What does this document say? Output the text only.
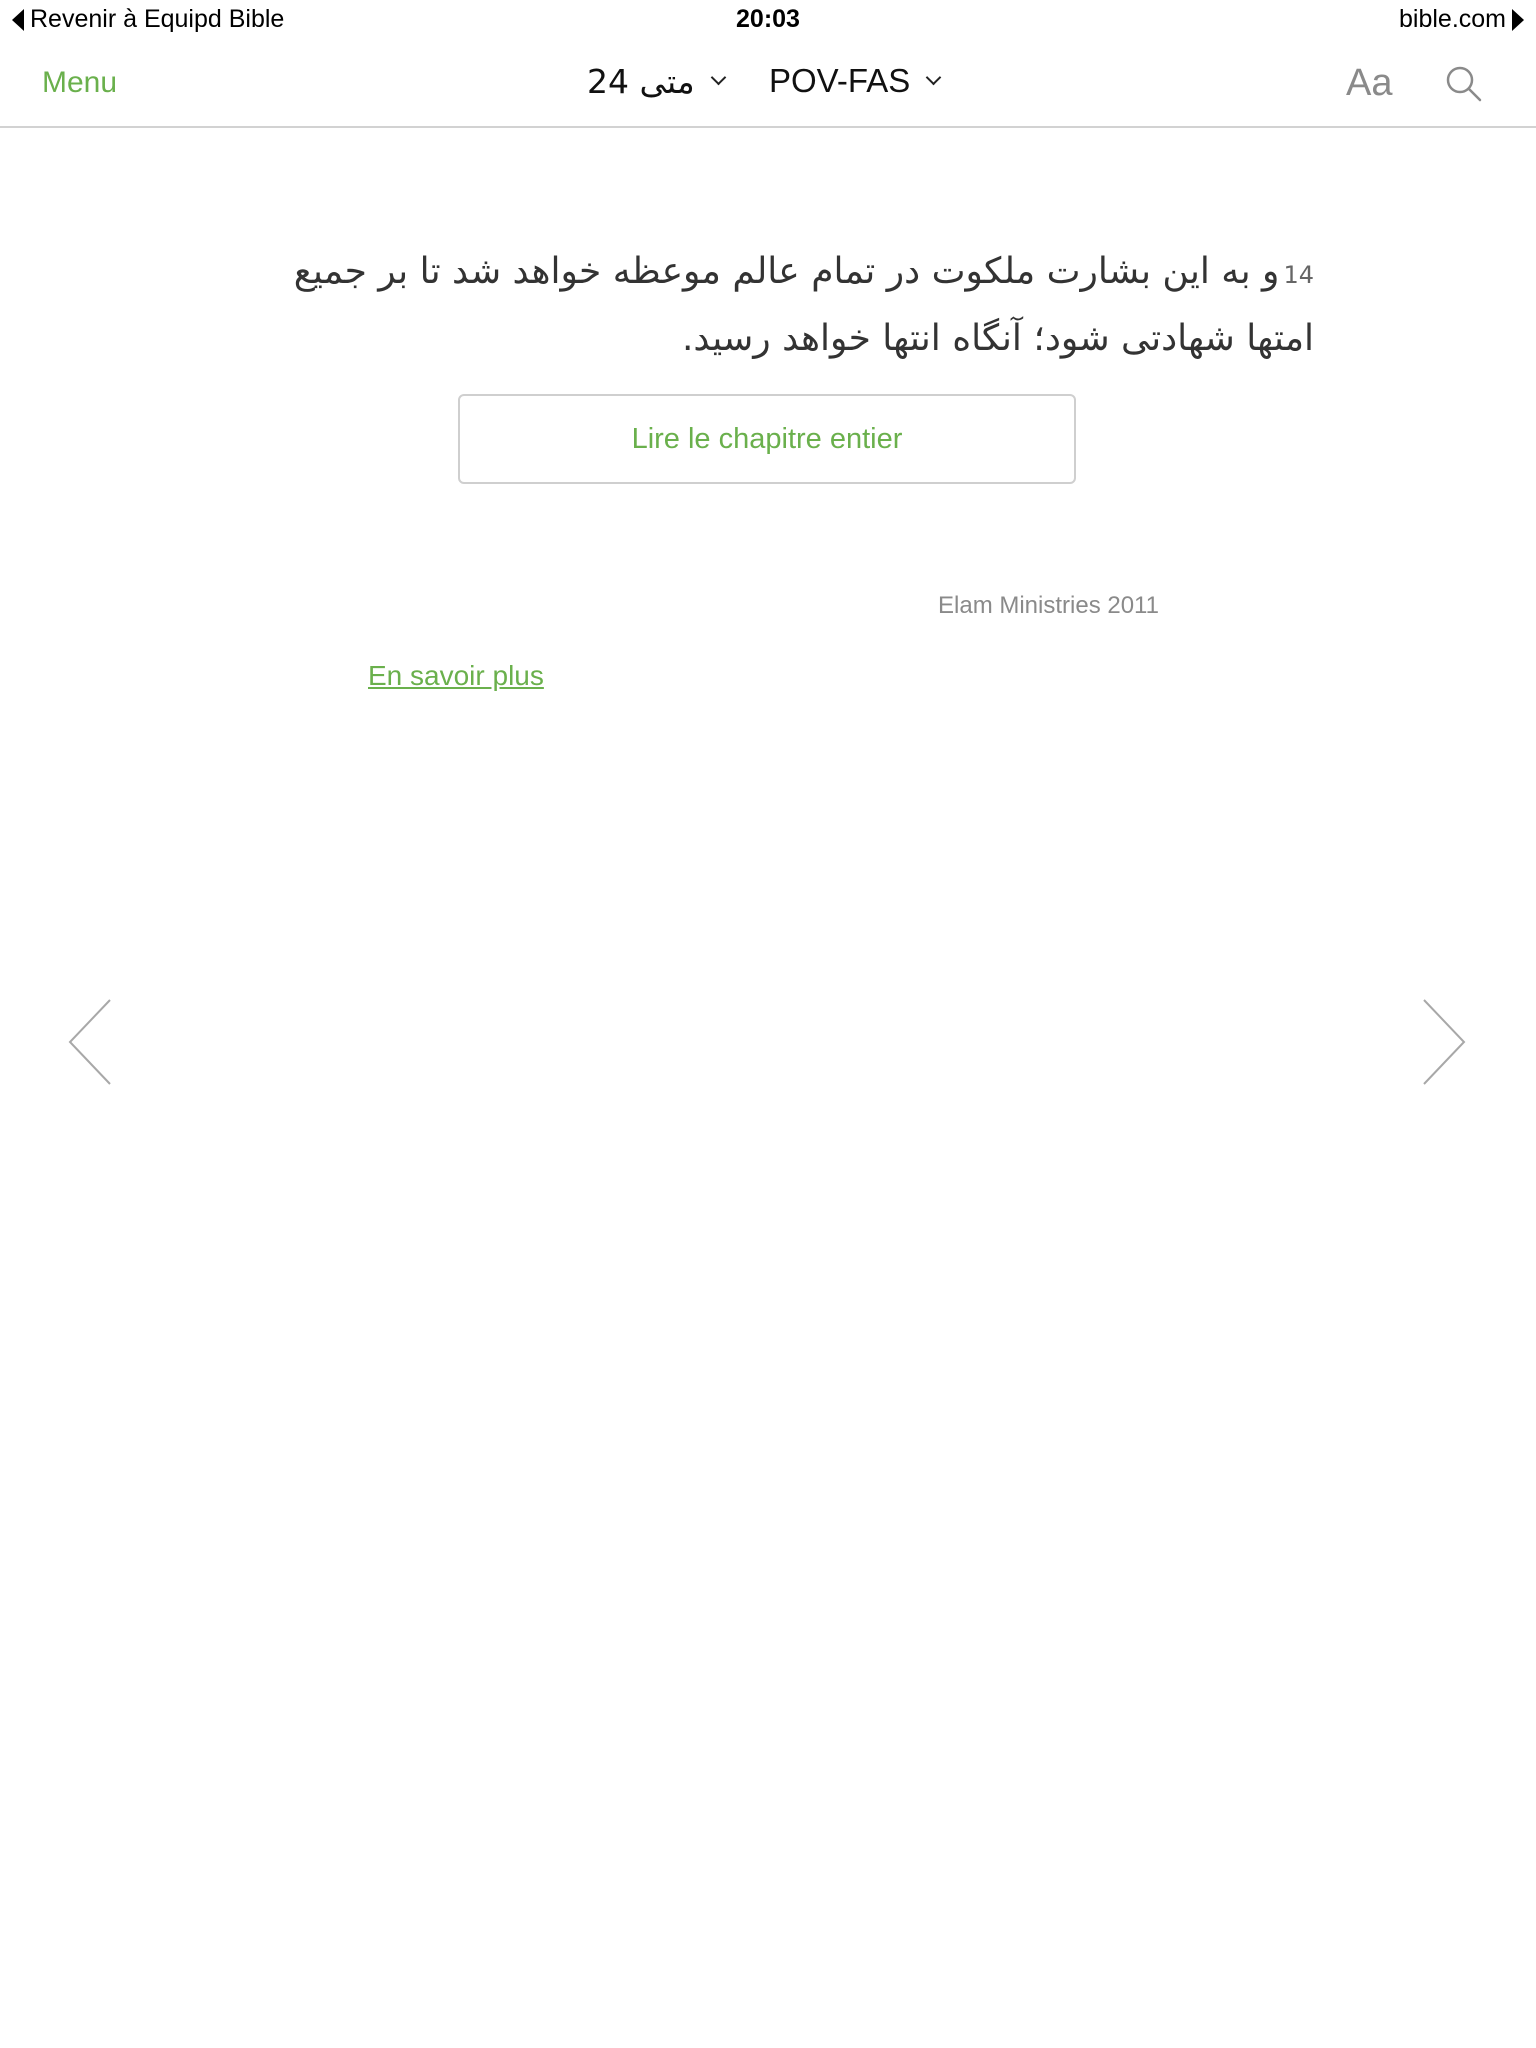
Revenir à Equipd Bible	20:03	bible.com
Menu	متی 24 POV-FAS	Aa
14و به این بشارت ملکوت در تمام عالم موعظه خواهد شد تا بر جمیع امتها شهادتی شود؛ آنگاه انتها خواهد رسید.
Lire le chapitre entier
Elam Ministries 2011
En savoir plus
